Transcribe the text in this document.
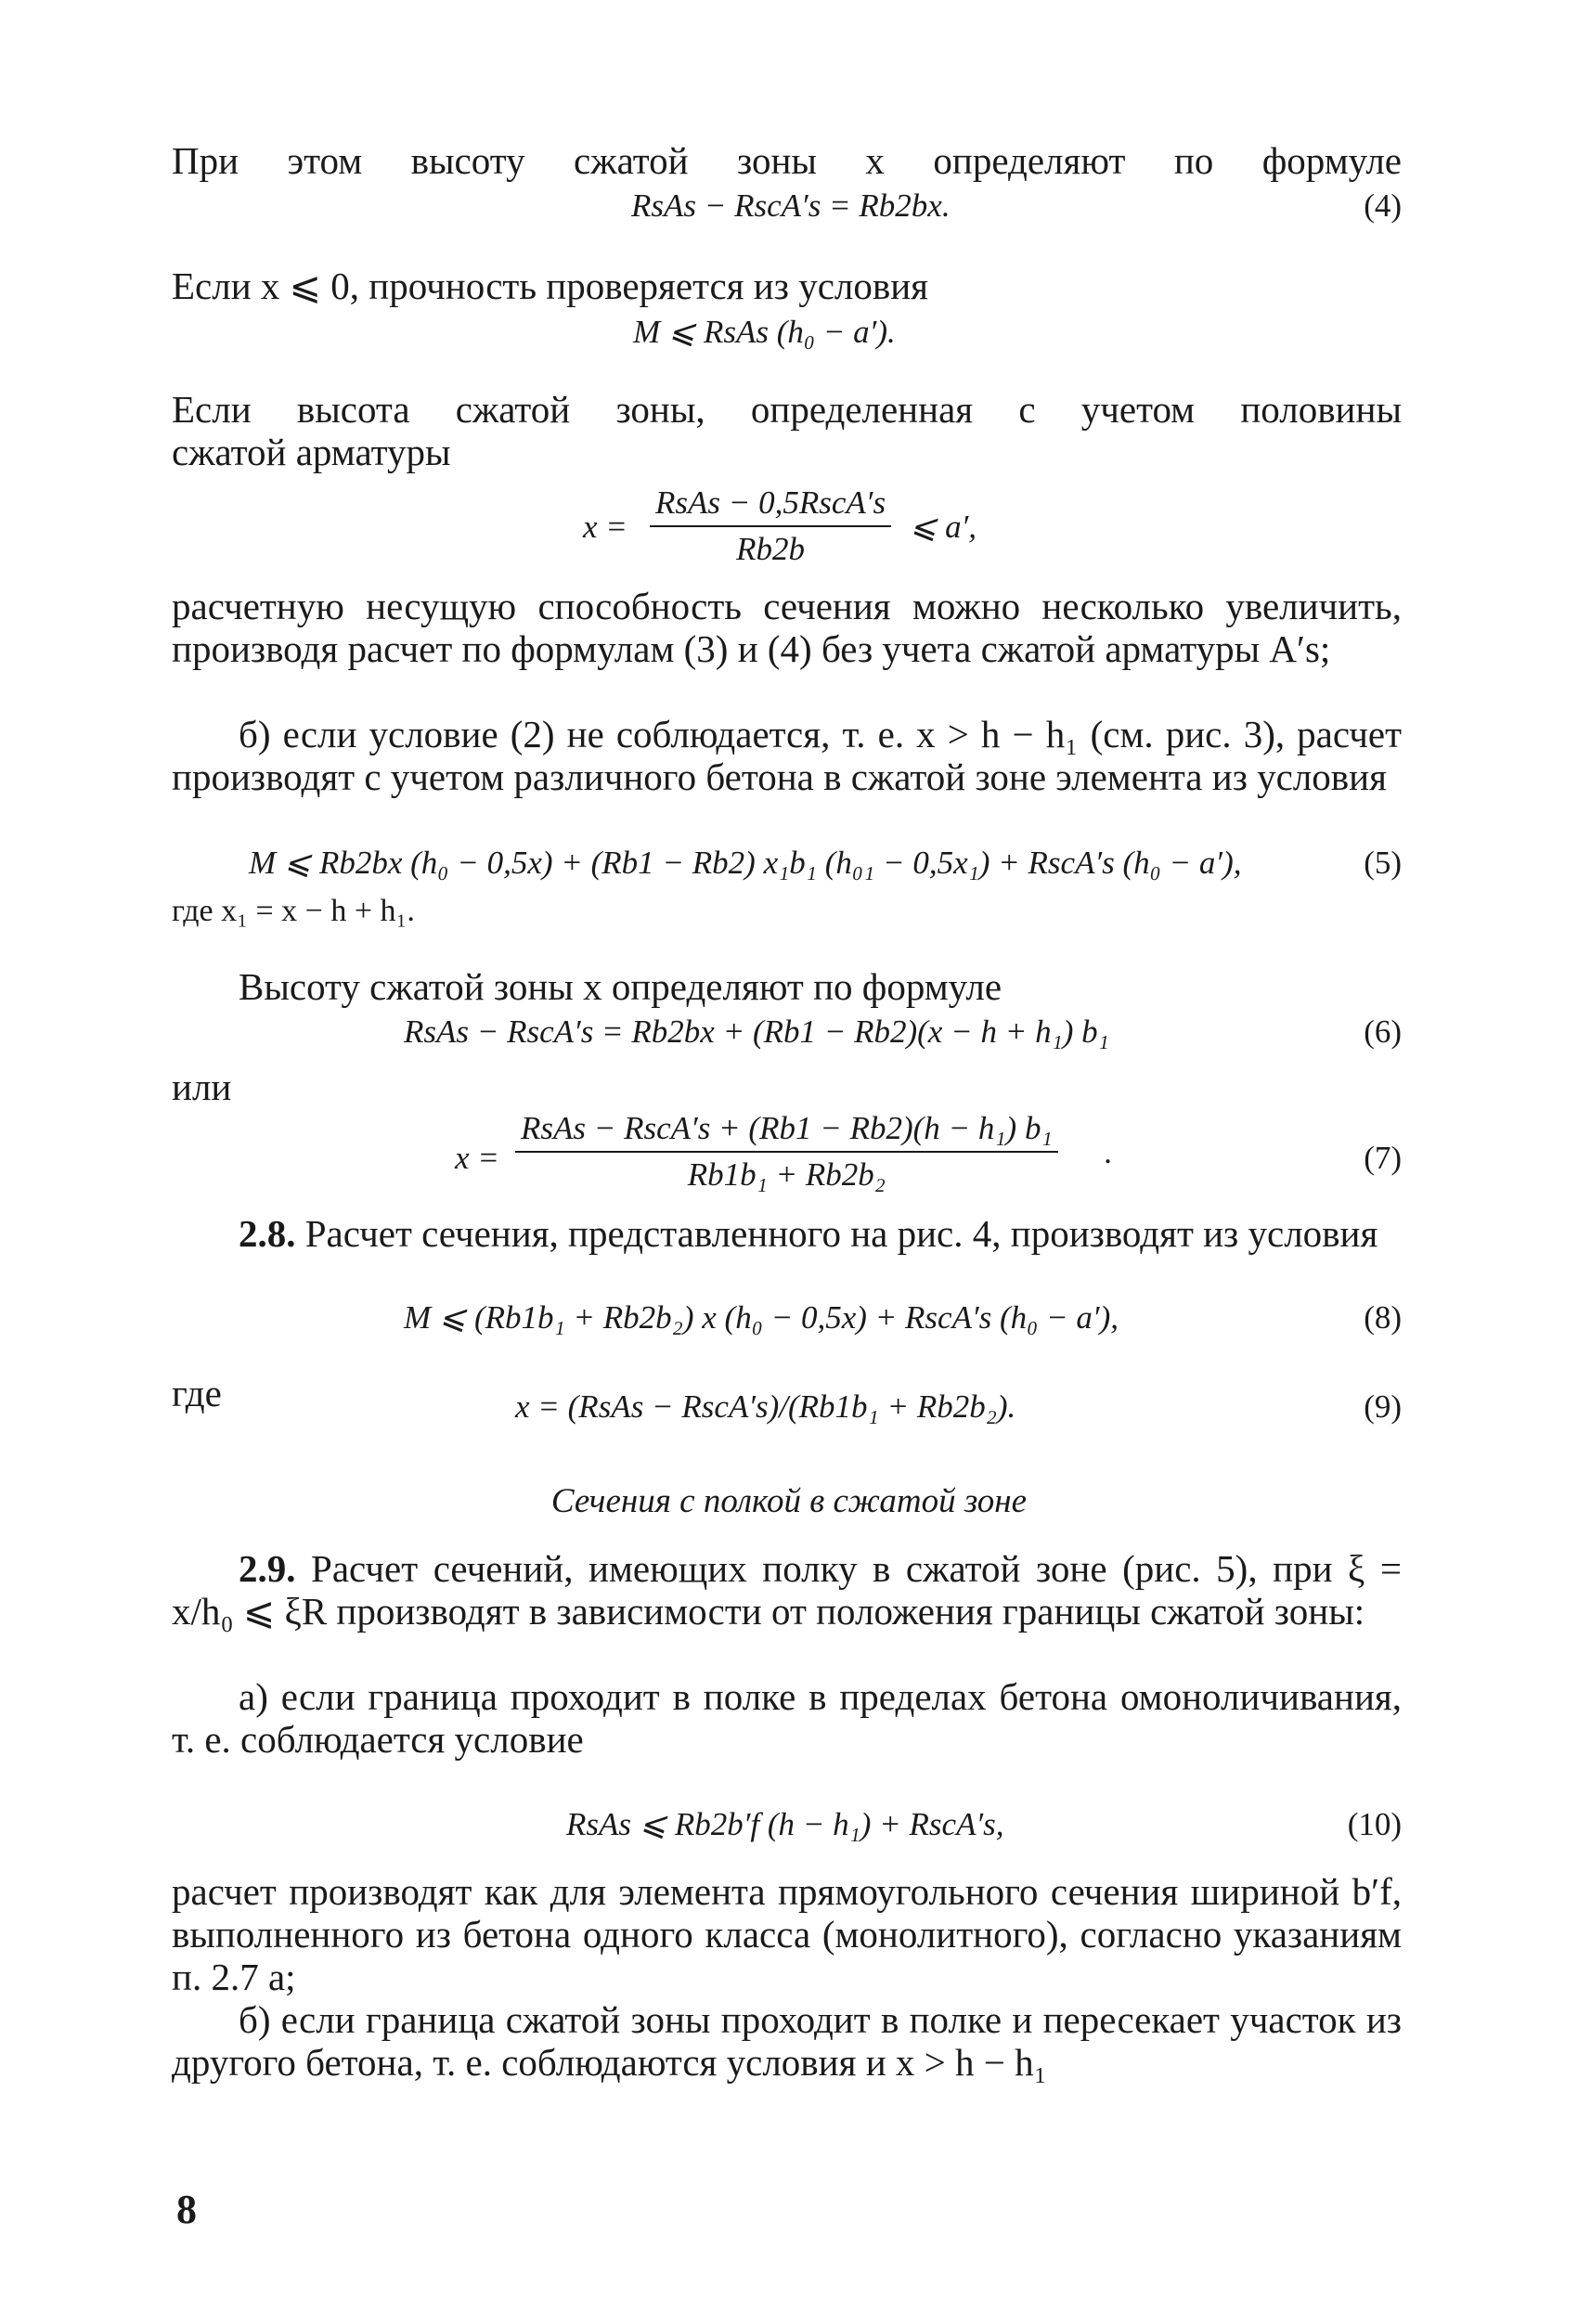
При этом высоту сжатой зоны x определяют по формуле
RsAs − RscA′s = Rb2bx.	(4)
Если x ⩽ 0, прочность проверяется из условия
M ⩽ RsAs (h₀ − a′).
Если высота сжатой зоны, определенная с учетом половины
сжатой арматуры
x =
RsAs − 0,5RscA′s
Rb2b
⩽ a′,
расчетную несущую способность сечения можно несколько увеличить, производя расчет по формулам (3) и (4) без учета сжатой арматуры A′s;
б) если условие (2) не соблюдается, т. е. x > h − h₁ (см. рис. 3), расчет производят с учетом различного бетона в сжатой зоне элемента из условия
M ⩽ Rb2bx (h₀ − 0,5x) + (Rb1 − Rb2) x₁b₁ (h₀₁ − 0,5x₁) + RscA′s (h₀ − a′),	(5)
где x₁ = x − h + h₁.
Высоту сжатой зоны x определяют по формуле
RsAs − RscA′s = Rb2bx + (Rb1 − Rb2)(x − h + h₁) b₁	(6)
или
x =
RsAs − RscA′s + (Rb1 − Rb2)(h − h₁) b₁
Rb1b₁ + Rb2b₂
.	(7)
2.8. Расчет сечения, представленного на рис. 4, производят из условия
M ⩽ (Rb1b₁ + Rb2b₂) x (h₀ − 0,5x) + RscA′s (h₀ − a′),	(8)
где	x = (RsAs − RscA′s)/(Rb1b₁ + Rb2b₂).	(9)
Сечения с полкой в сжатой зоне
2.9. Расчет сечений, имеющих полку в сжатой зоне (рис. 5), при ξ = x/h₀ ⩽ ξR производят в зависимости от положения границы сжатой зоны:
а) если граница проходит в полке в пределах бетона омоноличивания, т. е. соблюдается условие
RsAs ⩽ Rb2b′f (h − h₁) + RscA′s,	(10)
расчет производят как для элемента прямоугольного сечения шириной b′f, выполненного из бетона одного класса (монолитного), согласно указаниям п. 2.7 а;
б) если граница сжатой зоны проходит в полке и пересекает участок из другого бетона, т. е. соблюдаются условия и x > h − h₁
8
